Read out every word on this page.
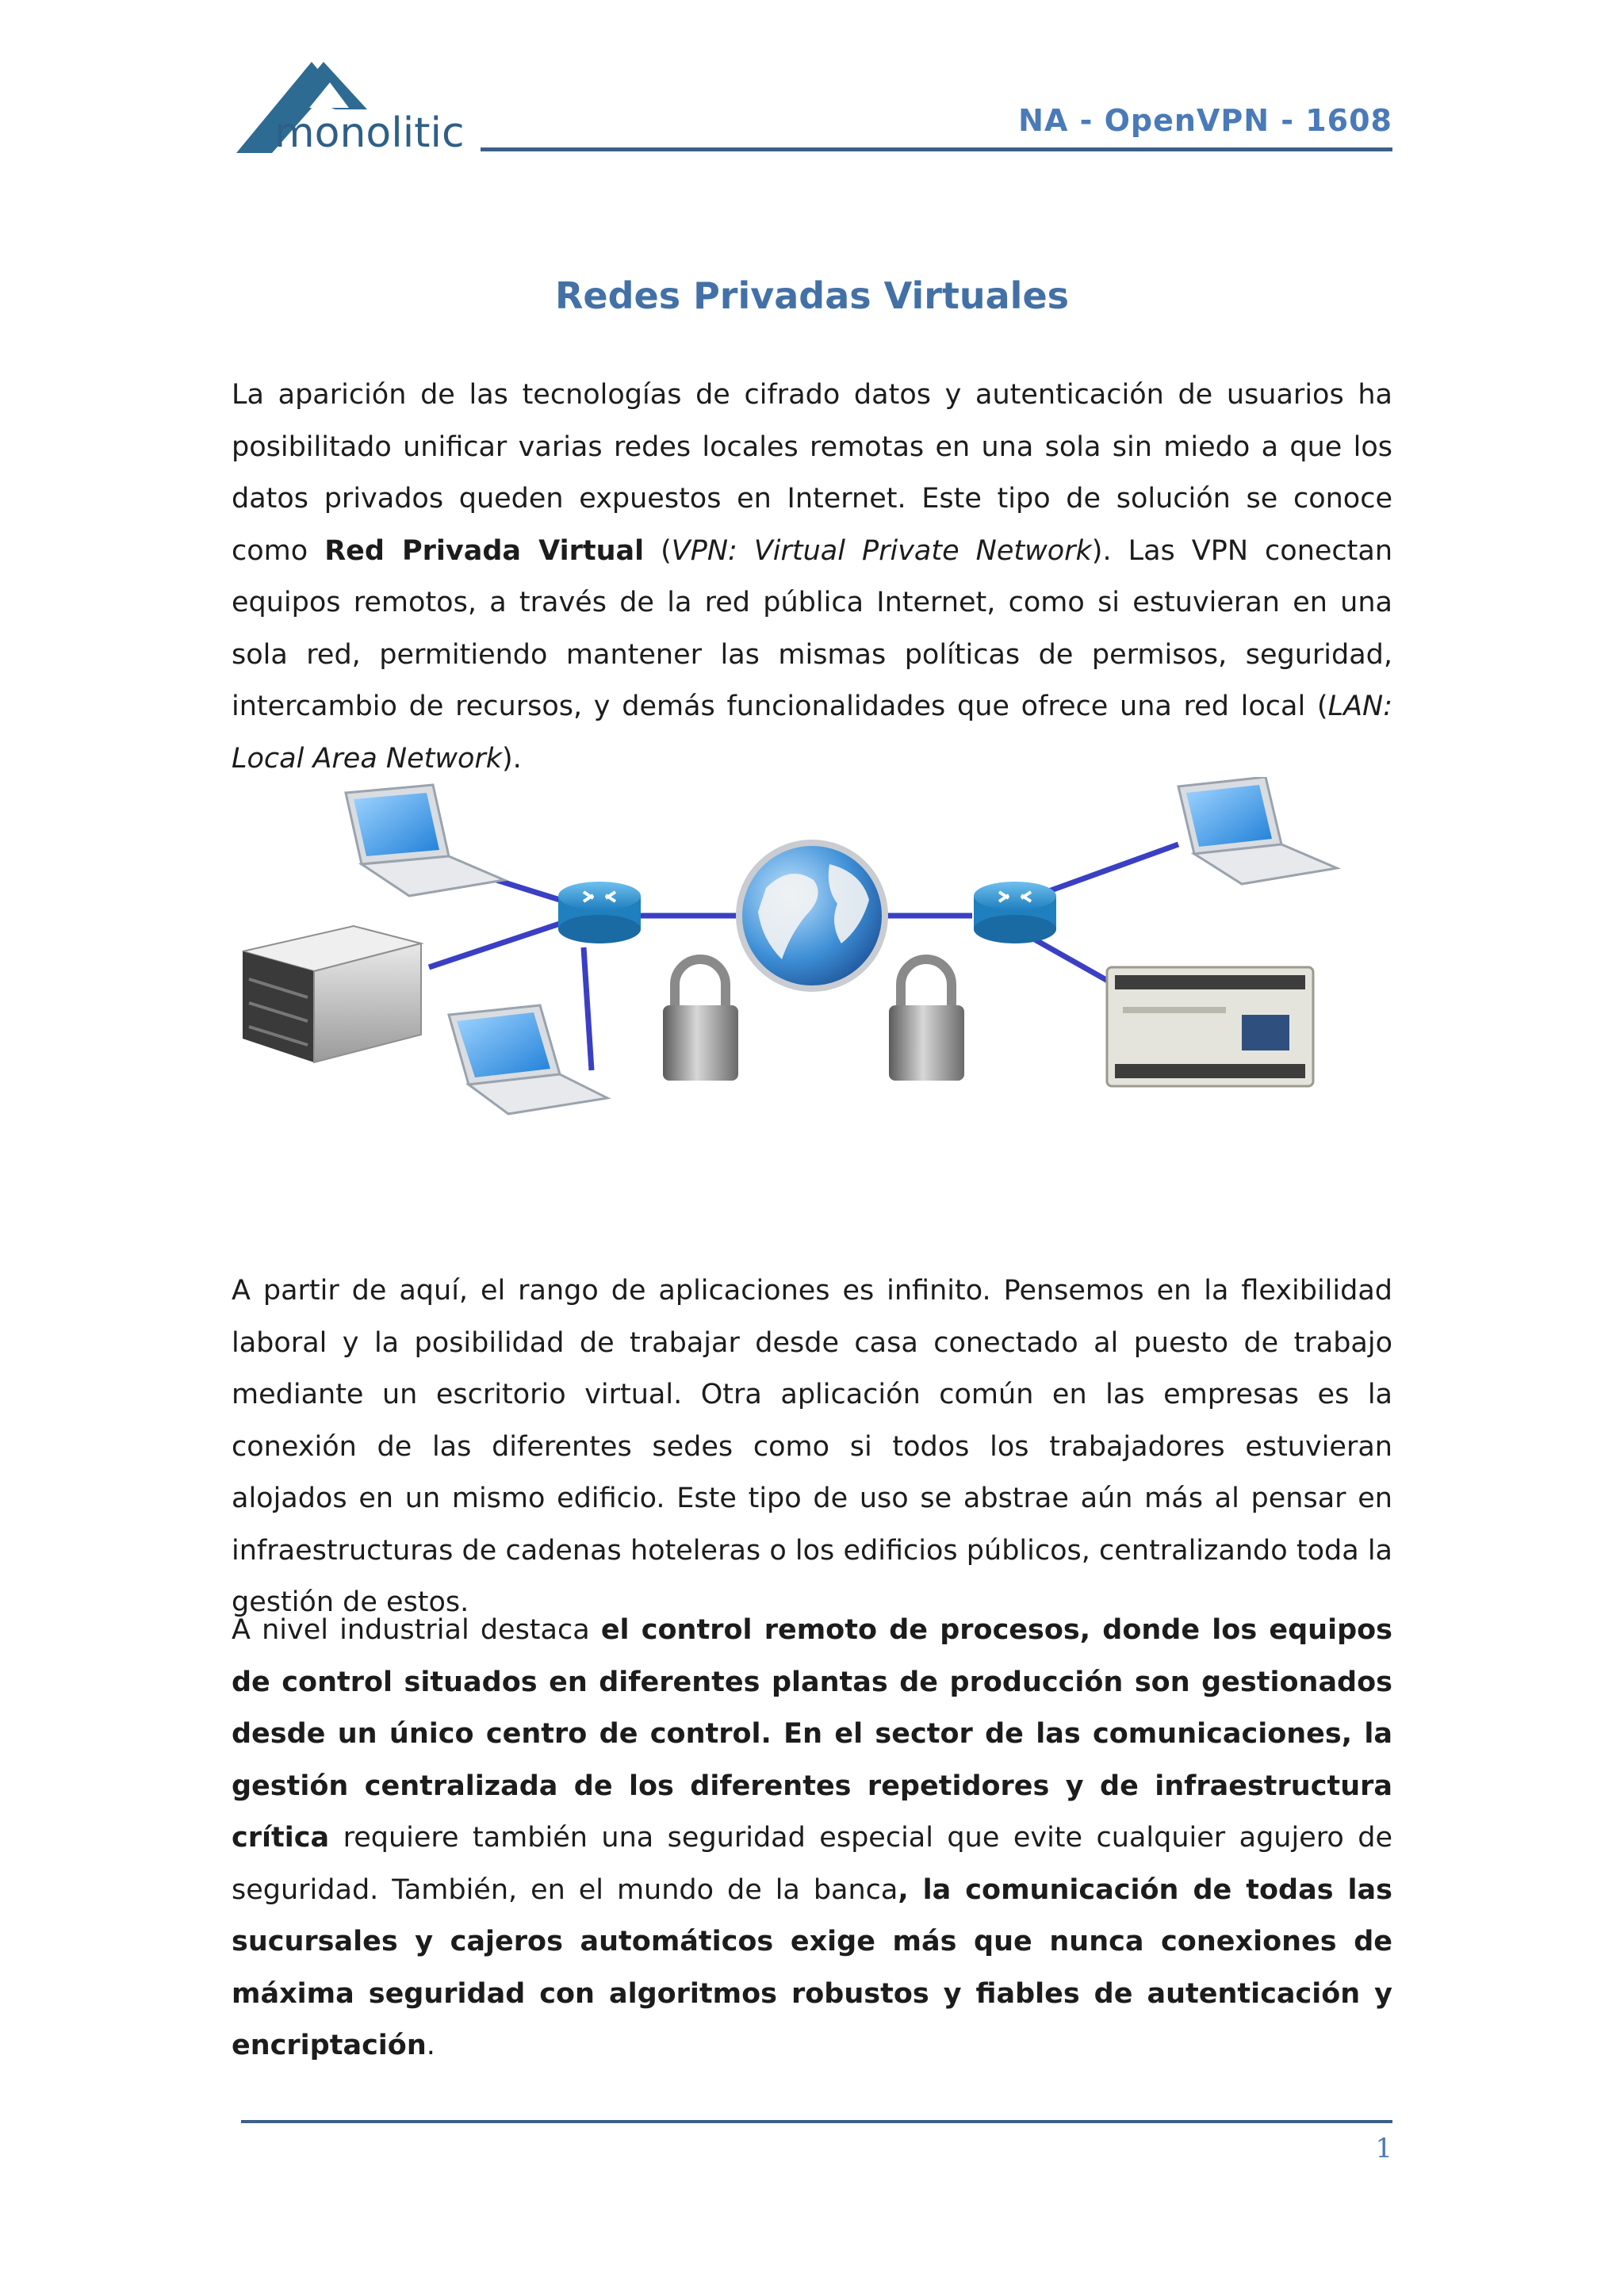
monolitic	NA - OpenVPN - 1608
Redes Privadas Virtuales
La aparición de las tecnologías de cifrado datos y autenticación de usuarios ha posibilitado unificar varias redes locales remotas en una sola sin miedo a que los datos privados queden expuestos en Internet. Este tipo de solución se conoce como Red Privada Virtual (VPN: Virtual Private Network). Las VPN conectan equipos remotos, a través de la red pública Internet, como si estuvieran en una sola red, permitiendo mantener las mismas políticas de permisos, seguridad, intercambio de recursos, y demás funcionalidades que ofrece una red local (LAN: Local Area Network).
A partir de aquí, el rango de aplicaciones es infinito. Pensemos en la flexibilidad laboral y la posibilidad de trabajar desde casa conectado al puesto de trabajo mediante un escritorio virtual. Otra aplicación común en las empresas es la conexión de las diferentes sedes como si todos los trabajadores estuvieran alojados en un mismo edificio. Este tipo de uso se abstrae aún más al pensar en infraestructuras de cadenas hoteleras o los edificios públicos, centralizando toda la gestión de estos.
A nivel industrial destaca el control remoto de procesos, donde los equipos de control situados en diferentes plantas de producción son gestionados desde un único centro de control. En el sector de las comunicaciones, la gestión centralizada de los diferentes repetidores y de infraestructura crítica requiere también una seguridad especial que evite cualquier agujero de seguridad. También, en el mundo de la banca, la comunicación de todas las sucursales y cajeros automáticos exige más que nunca conexiones de máxima seguridad con algoritmos robustos y fiables de autenticación y encriptación.
1
